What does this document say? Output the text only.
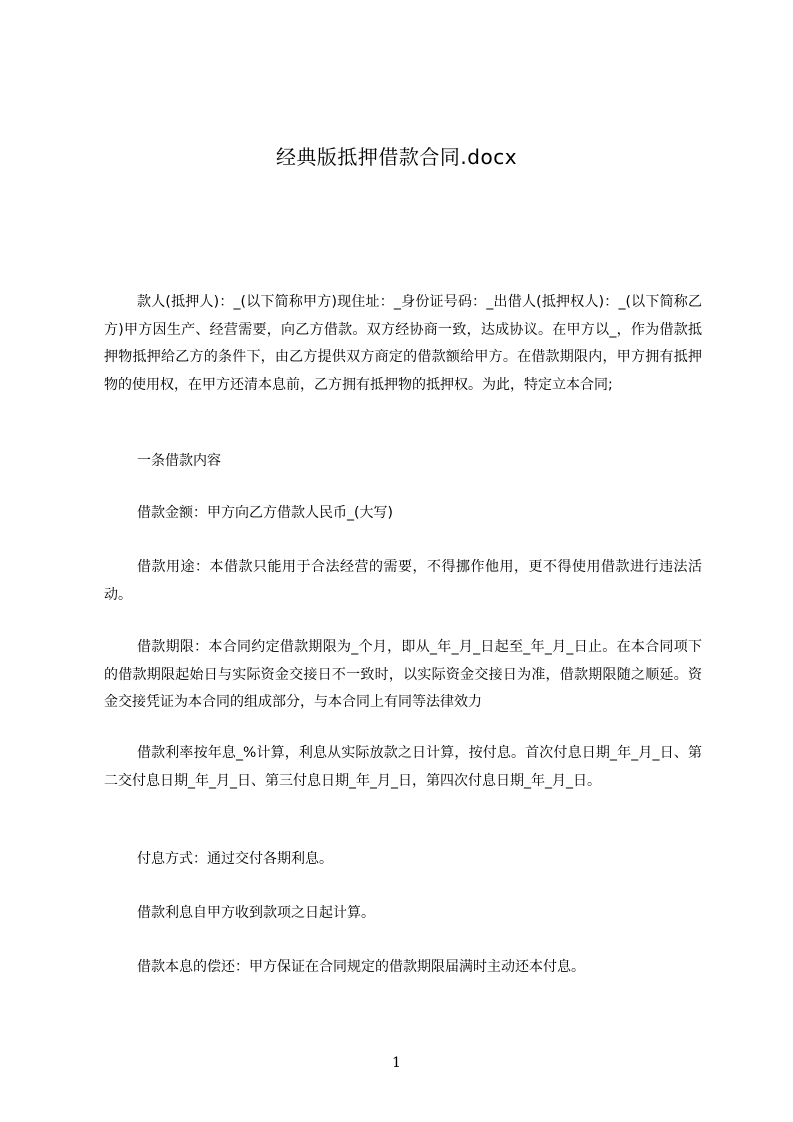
经典版抵押借款合同.docx

款人(抵押人)：_(以下简称甲方)现住址：_身份证号码：_出借人(抵押权人)：_(以下简称乙方)甲方因生产、经营需要，向乙方借款。双方经协商一致，达成协议。在甲方以_，作为借款抵押物抵押给乙方的条件下，由乙方提供双方商定的借款额给甲方。在借款期限内，甲方拥有抵押物的使用权，在甲方还清本息前，乙方拥有抵押物的抵押权。为此，特定立本合同;

一条借款内容

借款金额：甲方向乙方借款人民币_(大写)

借款用途：本借款只能用于合法经营的需要，不得挪作他用，更不得使用借款进行违法活动。

借款期限：本合同约定借款期限为_个月，即从_年_月_日起至_年_月_日止。在本合同项下的借款期限起始日与实际资金交接日不一致时，以实际资金交接日为准，借款期限随之顺延。资金交接凭证为本合同的组成部分，与本合同上有同等法律效力

借款利率按年息_%计算，利息从实际放款之日计算，按付息。首次付息日期_年_月_日、第二交付息日期_年_月_日、第三付息日期_年_月_日，第四次付息日期_年_月_日。

付息方式：通过交付各期利息。

借款利息自甲方收到款项之日起计算。

借款本息的偿还：甲方保证在合同规定的借款期限届满时主动还本付息。

1
